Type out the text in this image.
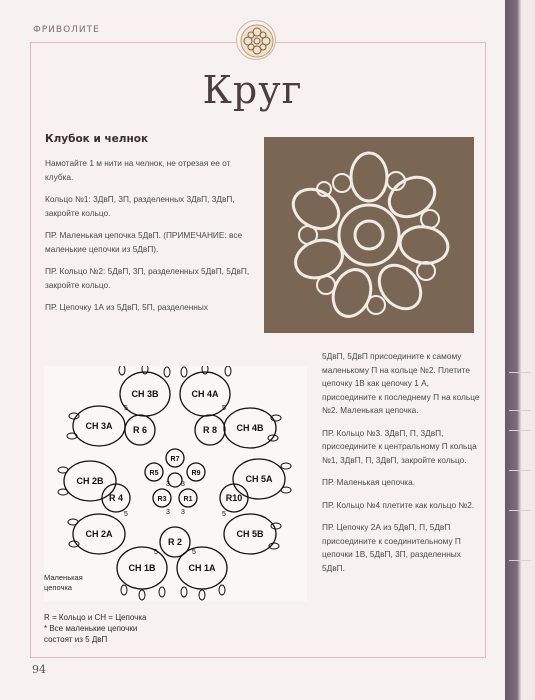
ФРИВОЛИТЕ
Круг
Клубок и челнок

Намотайте 1 м нити на челнок, не отрезая ее от клубка.

Кольцо №1: 3ДвП, 3П, разделенных 3ДвП, 3ДвП, закройте кольцо.

ПР. Маленькая цепочка 5ДвП. (ПРИМЕЧАНИЕ: все маленькие цепочки из 5ДвП).

ПР. Кольцо №2: 5ДвП, 3П, разделенных 5ДвП, 5ДвП, закройте кольцо.

ПР. Цепочку 1А из 5ДвП, 5П, разделенных

CH 3B	CH 4A
CH 4B
CH 5A
CH 5B
CH 1A
CH 1B
CH 2A
CH 2B
CH 3A	R 8
R10
R 2
R 4
R 6
R7
R9
R1
R3
R5
5	5
5	5
5	5
3 3
3 3
Маленькая
цепочка
R = Кольцо и CH = Цепочка
* Все маленькие цепочки
состоят из 5 ДвП

5ДвП, 5ДвП присоедините к самому маленькому П на кольце №2. Плетите цепочку 1В как цепочку 1 А, присоедините к последнему П на кольце №2. Маленькая цепочка.

ПР. Кольцо №3. 3ДвП, П, 3ДвП, присоедините к центральному П кольца №1, 3ДвП, П, 3ДвП, закройте кольцо.

ПР. Маленькая цепочка.

ПР. Кольцо №4 плетите как кольцо №2.

ПР. Цепочку 2А из 5ДвП, П, 5ДвП присоедините к соединительному П цепочки 1В, 5ДвП, 3П, разделенных 5ДвП.

94
